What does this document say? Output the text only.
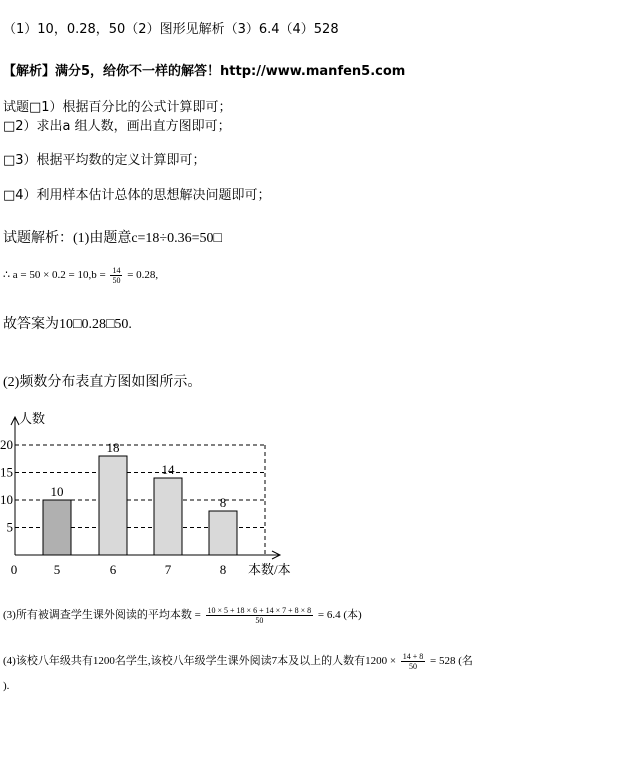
（1）10，0.28，50（2）图形见解析（3）6.4（4）528
【解析】满分5，给你不一样的解答！http://www.manfen5.com
试题□1）根据百分比的公式计算即可；
□2）求出a 组人数，画出直方图即可；
□3）根据平均数的定义计算即可；
□4）利用样本估计总体的思想解决问题即可；
试题解析：(1)由题意c=18÷0.36=50□
∴ $a = 50 \times 0.2 = 10,b = \frac{14}{50} = 0.28$,
故答案为10□0.28□50.
(2)频数分布表直方图如图所示。
5
10
15
20
人数
本数/本
0
10
5
18
6
14
7
8
8
(3)所有被调查学生课外阅读的平均本数 = $\frac{10 \times 5 + 18 \times 6 + 14 \times 7 + 8 \times 8}{50} = 6.4$ (本)
(4)该校八年级共有1200名学生,该校八年级学生课外阅读7本及以上的人数有$1200 \times \frac{14 + 8}{50} = 528$ (名
).
